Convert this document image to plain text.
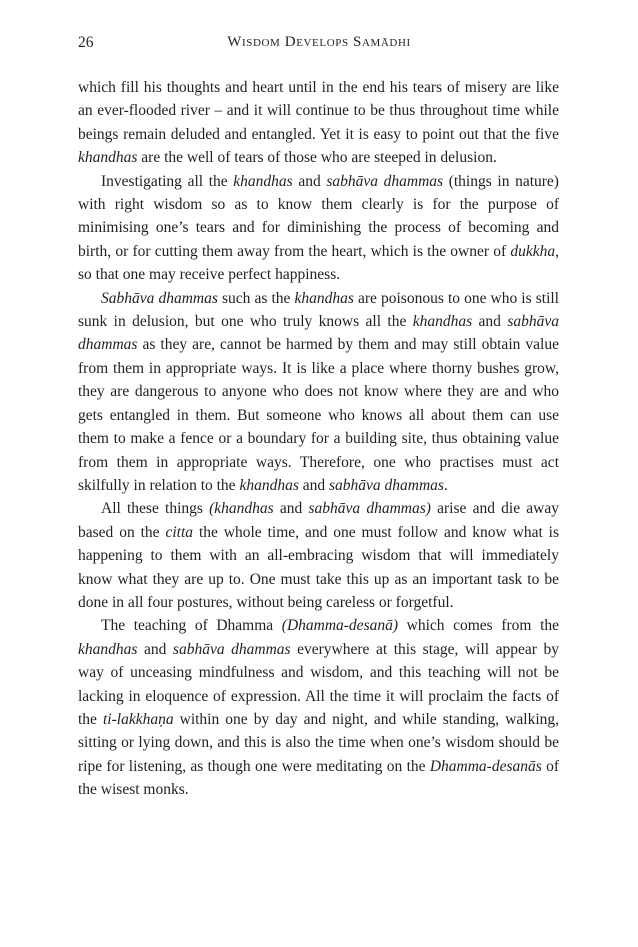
26	Wisdom Develops Samādhi

which fill his thoughts and heart until in the end his tears of misery are like an ever-flooded river – and it will continue to be thus throughout time while beings remain deluded and entangled. Yet it is easy to point out that the five khandhas are the well of tears of those who are steeped in delusion.

Investigating all the khandhas and sabhāva dhammas (things in nature) with right wisdom so as to know them clearly is for the purpose of minimising one’s tears and for diminishing the process of becoming and birth, or for cutting them away from the heart, which is the owner of dukkha, so that one may receive perfect happiness.

Sabhāva dhammas such as the khandhas are poisonous to one who is still sunk in delusion, but one who truly knows all the khandhas and sabhāva dhammas as they are, cannot be harmed by them and may still obtain value from them in appropriate ways. It is like a place where thorny bushes grow, they are dangerous to anyone who does not know where they are and who gets entangled in them. But someone who knows all about them can use them to make a fence or a boundary for a building site, thus obtaining value from them in appropriate ways. Therefore, one who practises must act skilfully in relation to the khandhas and sabhāva dhammas.

All these things (khandhas and sabhāva dhammas) arise and die away based on the citta the whole time, and one must follow and know what is happening to them with an all-embracing wisdom that will immediately know what they are up to. One must take this up as an important task to be done in all four postures, without being careless or forgetful.

The teaching of Dhamma (Dhamma-desanā) which comes from the khandhas and sabhāva dhammas everywhere at this stage, will appear by way of unceasing mindfulness and wisdom, and this teaching will not be lacking in eloquence of expression. All the time it will proclaim the facts of the ti-lakkhaṇa within one by day and night, and while standing, walking, sitting or lying down, and this is also the time when one’s wisdom should be ripe for listening, as though one were meditating on the Dhamma-desanās of the wisest monks.
